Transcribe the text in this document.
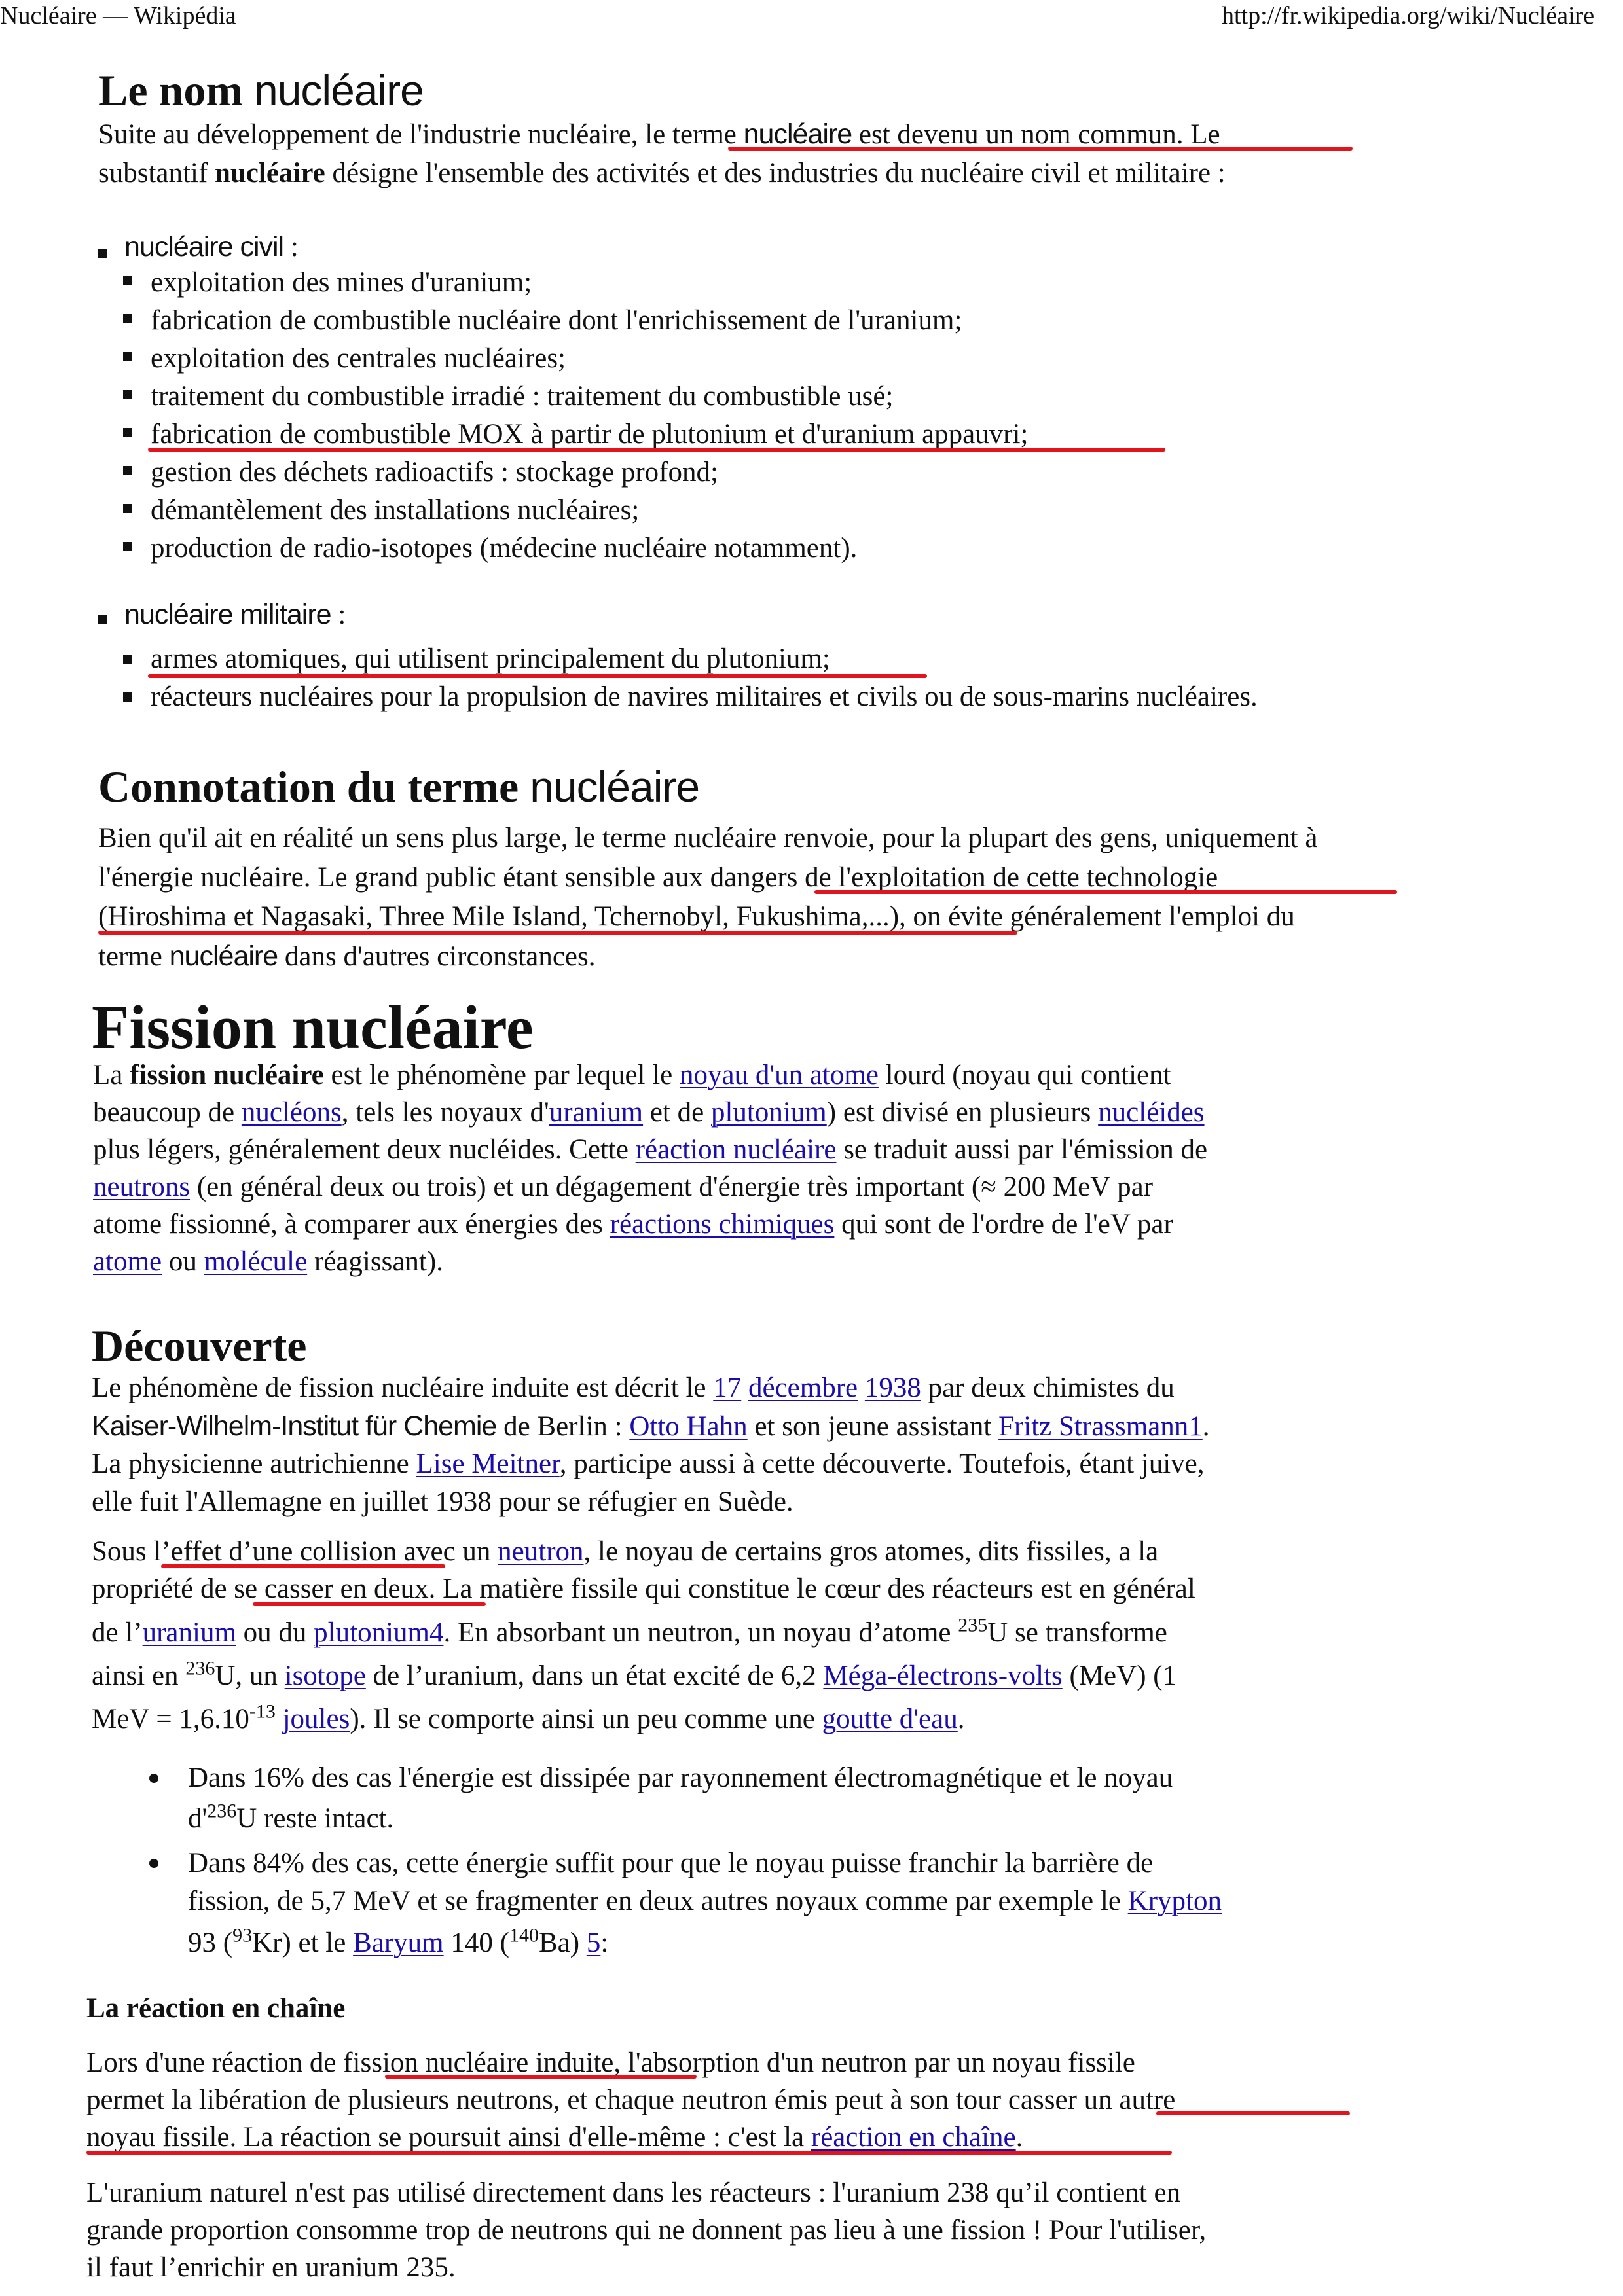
Nucléaire — Wikipédia	http://fr.wikipedia.org/wiki/Nucléaire
Le nom nucléaire
Suite au développement de l'industrie nucléaire, le terme nucléaire est devenu un nom commun. Le
substantif nucléaire désigne l'ensemble des activités et des industries du nucléaire civil et militaire :
nucléaire civil :
exploitation des mines d'uranium;
fabrication de combustible nucléaire dont l'enrichissement de l'uranium;
exploitation des centrales nucléaires;
traitement du combustible irradié : traitement du combustible usé;
fabrication de combustible MOX à partir de plutonium et d'uranium appauvri;
gestion des déchets radioactifs : stockage profond;
démantèlement des installations nucléaires;
production de radio-isotopes (médecine nucléaire notamment).
nucléaire militaire :
armes atomiques, qui utilisent principalement du plutonium;
réacteurs nucléaires pour la propulsion de navires militaires et civils ou de sous-marins nucléaires.
Connotation du terme nucléaire
Bien qu'il ait en réalité un sens plus large, le terme nucléaire renvoie, pour la plupart des gens, uniquement à
l'énergie nucléaire. Le grand public étant sensible aux dangers de l'exploitation de cette technologie
(Hiroshima et Nagasaki, Three Mile Island, Tchernobyl, Fukushima,...), on évite généralement l'emploi du
terme nucléaire dans d'autres circonstances.
Fission nucléaire
La fission nucléaire est le phénomène par lequel le noyau d'un atome lourd (noyau qui contient
beaucoup de nucléons, tels les noyaux d'uranium et de plutonium) est divisé en plusieurs nucléides
plus légers, généralement deux nucléides. Cette réaction nucléaire se traduit aussi par l'émission de
neutrons (en général deux ou trois) et un dégagement d'énergie très important (≈ 200 MeV par
atome fissionné, à comparer aux énergies des réactions chimiques qui sont de l'ordre de l'eV par
atome ou molécule réagissant).
Découverte
Le phénomène de fission nucléaire induite est décrit le 17 décembre 1938 par deux chimistes du
Kaiser-Wilhelm-Institut für Chemie de Berlin : Otto Hahn et son jeune assistant Fritz Strassmann1.
La physicienne autrichienne Lise Meitner, participe aussi à cette découverte. Toutefois, étant juive,
elle fuit l'Allemagne en juillet 1938 pour se réfugier en Suède.
Sous l’effet d’une collision avec un neutron, le noyau de certains gros atomes, dits fissiles, a la
propriété de se casser en deux. La matière fissile qui constitue le cœur des réacteurs est en général
de l’uranium ou du plutonium4. En absorbant un neutron, un noyau d’atome $^{235}$U se transforme
ainsi en $^{236}$U, un isotope de l’uranium, dans un état excité de 6,2 Méga-électrons-volts (MeV) (1
MeV = $1,6.10^{-13}$ joules). Il se comporte ainsi un peu comme une goutte d'eau.
Dans 16% des cas l'énergie est dissipée par rayonnement électromagnétique et le noyau
$d'^{236}U$ reste intact.
Dans 84% des cas, cette énergie suffit pour que le noyau puisse franchir la barrière de
fission, de 5,7 MeV et se fragmenter en deux autres noyaux comme par exemple le Krypton
93 ($^{93}$Kr) et le Baryum 140 ($^{140}$Ba) 5:
La réaction en chaîne
Lors d'une réaction de fission nucléaire induite, l'absorption d'un neutron par un noyau fissile
permet la libération de plusieurs neutrons, et chaque neutron émis peut à son tour casser un autre
noyau fissile. La réaction se poursuit ainsi d'elle-même : c'est la réaction en chaîne.
L'uranium naturel n'est pas utilisé directement dans les réacteurs : l'uranium 238 qu’il contient en
grande proportion consomme trop de neutrons qui ne donnent pas lieu à une fission ! Pour l'utiliser,
il faut l’enrichir en uranium 235.
